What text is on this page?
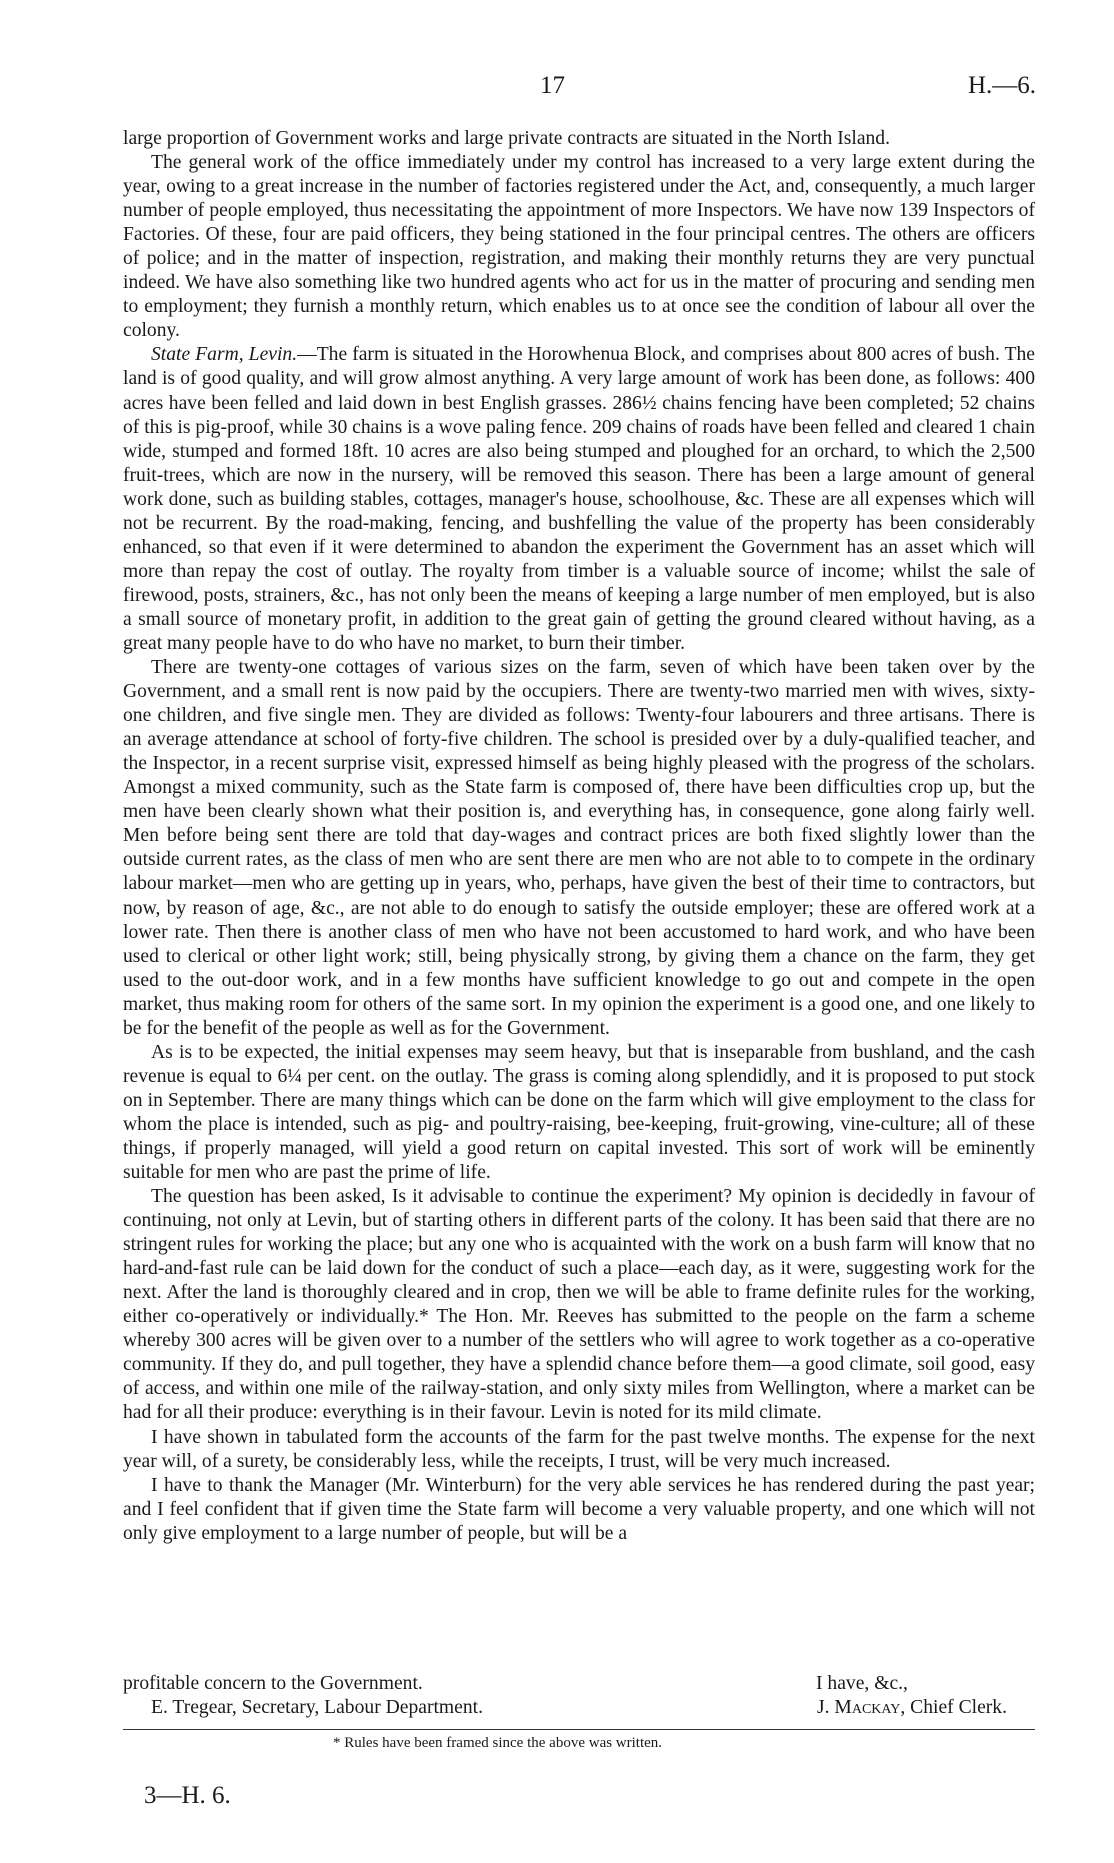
17	H.—6.

large proportion of Government works and large private contracts are situated in the North Island.

The general work of the office immediately under my control has increased to a very large extent during the year, owing to a great increase in the number of factories registered under the Act, and, consequently, a much larger number of people employed, thus necessitating the appointment of more Inspectors. We have now 139 Inspectors of Factories. Of these, four are paid officers, they being stationed in the four principal centres. The others are officers of police; and in the matter of inspection, registration, and making their monthly returns they are very punctual indeed. We have also something like two hundred agents who act for us in the matter of procuring and sending men to employment; they furnish a monthly return, which enables us to at once see the condition of labour all over the colony.

State Farm, Levin.—The farm is situated in the Horowhenua Block, and comprises about 800 acres of bush. The land is of good quality, and will grow almost anything. A very large amount of work has been done, as follows: 400 acres have been felled and laid down in best English grasses. 286½ chains fencing have been completed; 52 chains of this is pig-proof, while 30 chains is a wove paling fence. 209 chains of roads have been felled and cleared 1 chain wide, stumped and formed 18ft. 10 acres are also being stumped and ploughed for an orchard, to which the 2,500 fruit-trees, which are now in the nursery, will be removed this season. There has been a large amount of general work done, such as building stables, cottages, manager's house, schoolhouse, &c. These are all expenses which will not be recurrent. By the road-making, fencing, and bushfelling the value of the property has been considerably enhanced, so that even if it were determined to abandon the experiment the Government has an asset which will more than repay the cost of outlay. The royalty from timber is a valuable source of income; whilst the sale of firewood, posts, strainers, &c., has not only been the means of keeping a large number of men employed, but is also a small source of monetary profit, in addition to the great gain of getting the ground cleared without having, as a great many people have to do who have no market, to burn their timber.

There are twenty-one cottages of various sizes on the farm, seven of which have been taken over by the Government, and a small rent is now paid by the occupiers. There are twenty-two married men with wives, sixty-one children, and five single men. They are divided as follows: Twenty-four labourers and three artisans. There is an average attendance at school of forty-five children. The school is presided over by a duly-qualified teacher, and the Inspector, in a recent surprise visit, expressed himself as being highly pleased with the progress of the scholars. Amongst a mixed community, such as the State farm is composed of, there have been difficulties crop up, but the men have been clearly shown what their position is, and everything has, in consequence, gone along fairly well. Men before being sent there are told that day-wages and contract prices are both fixed slightly lower than the outside current rates, as the class of men who are sent there are men who are not able to to compete in the ordinary labour market—men who are getting up in years, who, perhaps, have given the best of their time to contractors, but now, by reason of age, &c., are not able to do enough to satisfy the outside employer; these are offered work at a lower rate. Then there is another class of men who have not been accustomed to hard work, and who have been used to clerical or other light work; still, being physically strong, by giving them a chance on the farm, they get used to the out-door work, and in a few months have sufficient knowledge to go out and compete in the open market, thus making room for others of the same sort. In my opinion the experiment is a good one, and one likely to be for the benefit of the people as well as for the Government.

As is to be expected, the initial expenses may seem heavy, but that is inseparable from bushland, and the cash revenue is equal to 6¼ per cent. on the outlay. The grass is coming along splendidly, and it is proposed to put stock on in September. There are many things which can be done on the farm which will give employment to the class for whom the place is intended, such as pig- and poultry-raising, bee-keeping, fruit-growing, vine-culture; all of these things, if properly managed, will yield a good return on capital invested. This sort of work will be eminently suitable for men who are past the prime of life.

The question has been asked, Is it advisable to continue the experiment? My opinion is decidedly in favour of continuing, not only at Levin, but of starting others in different parts of the colony. It has been said that there are no stringent rules for working the place; but any one who is acquainted with the work on a bush farm will know that no hard-and-fast rule can be laid down for the conduct of such a place—each day, as it were, suggesting work for the next. After the land is thoroughly cleared and in crop, then we will be able to frame definite rules for the working, either co-operatively or individually.* The Hon. Mr. Reeves has submitted to the people on the farm a scheme whereby 300 acres will be given over to a number of the settlers who will agree to work together as a co-operative community. If they do, and pull together, they have a splendid chance before them—a good climate, soil good, easy of access, and within one mile of the railway-station, and only sixty miles from Wellington, where a market can be had for all their produce: everything is in their favour. Levin is noted for its mild climate.

I have shown in tabulated form the accounts of the farm for the past twelve months. The expense for the next year will, of a surety, be considerably less, while the receipts, I trust, will be very much increased.

I have to thank the Manager (Mr. Winterburn) for the very able services he has rendered during the past year; and I feel confident that if given time the State farm will become a very valuable property, and one which will not only give employment to a large number of people, but will be a

profitable concern to the Government.	I have, &c.,
E. Tregear, Secretary, Labour Department.	J. Mackay, Chief Clerk.
* Rules have been framed since the above was written.
3—H. 6.
